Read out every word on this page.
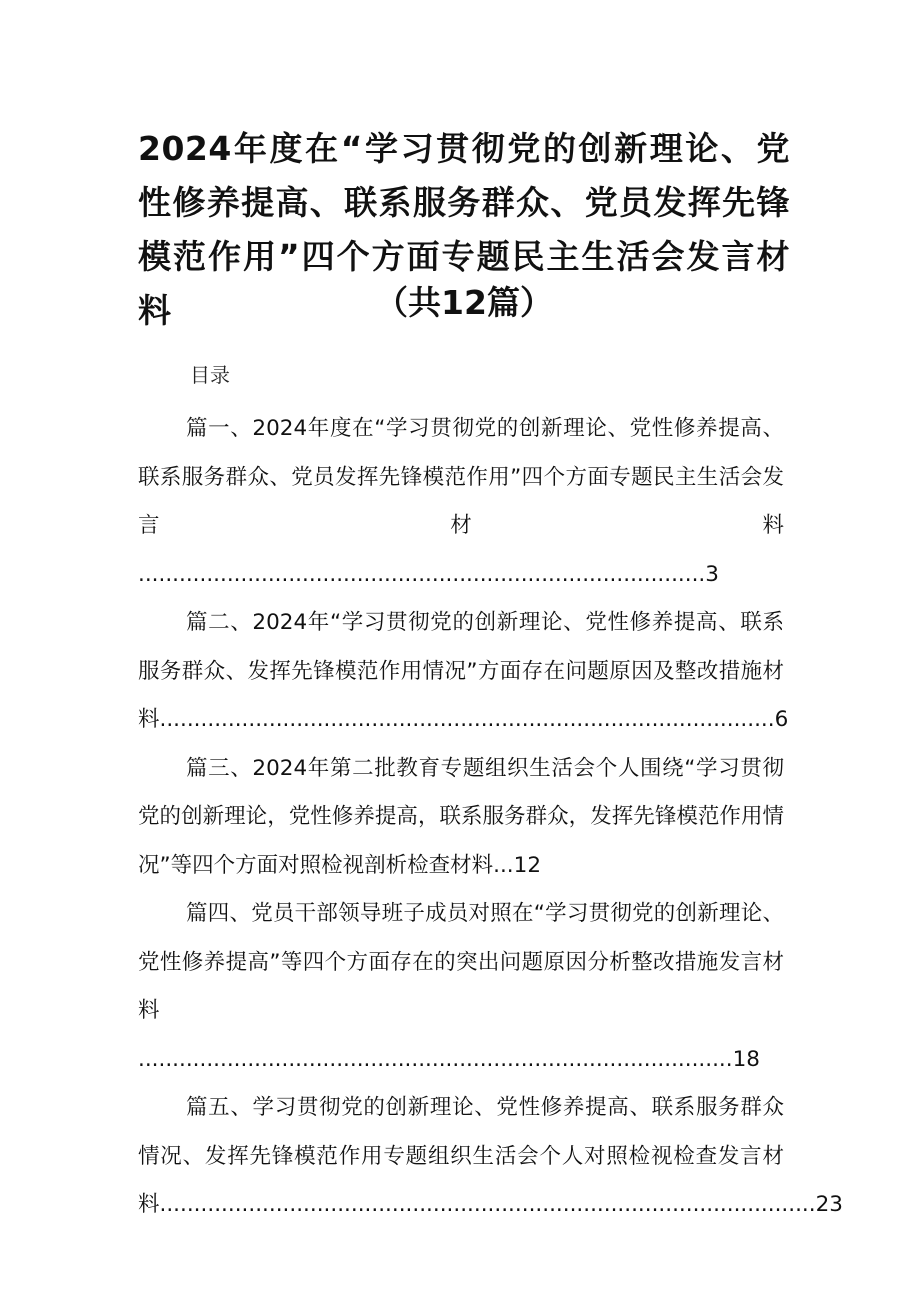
2024年度在“学习贯彻党的创新理论、党性修养提高、联系服务群众、党员发挥先锋模范作用”四个方面专题民主生活会发言材料	（共12篇）
目录

篇一、2024年度在“学习贯彻党的创新理论、党性修养提高、联系服务群众、党员发挥先锋模范作用”四个方面专题民主生活会发言材料 ...................................................................................3

篇二、2024年“学习贯彻党的创新理论、党性修养提高、联系服务群众、发挥先锋模范作用情况”方面存在问题原因及整改措施材料..........................................................................................6

篇三、2024年第二批教育专题组织生活会个人围绕“学习贯彻党的创新理论，党性修养提高，联系服务群众，发挥先锋模范作用情况”等四个方面对照检视剖析检查材料...12

篇四、党员干部领导班子成员对照在“学习贯彻党的创新理论、党性修养提高”等四个方面存在的突出问题原因分析整改措施发言材料 .......................................................................................18

篇五、学习贯彻党的创新理论、党性修养提高、联系服务群众情况、发挥先锋模范作用专题组织生活会个人对照检视检查发言材料................................................................................................23
